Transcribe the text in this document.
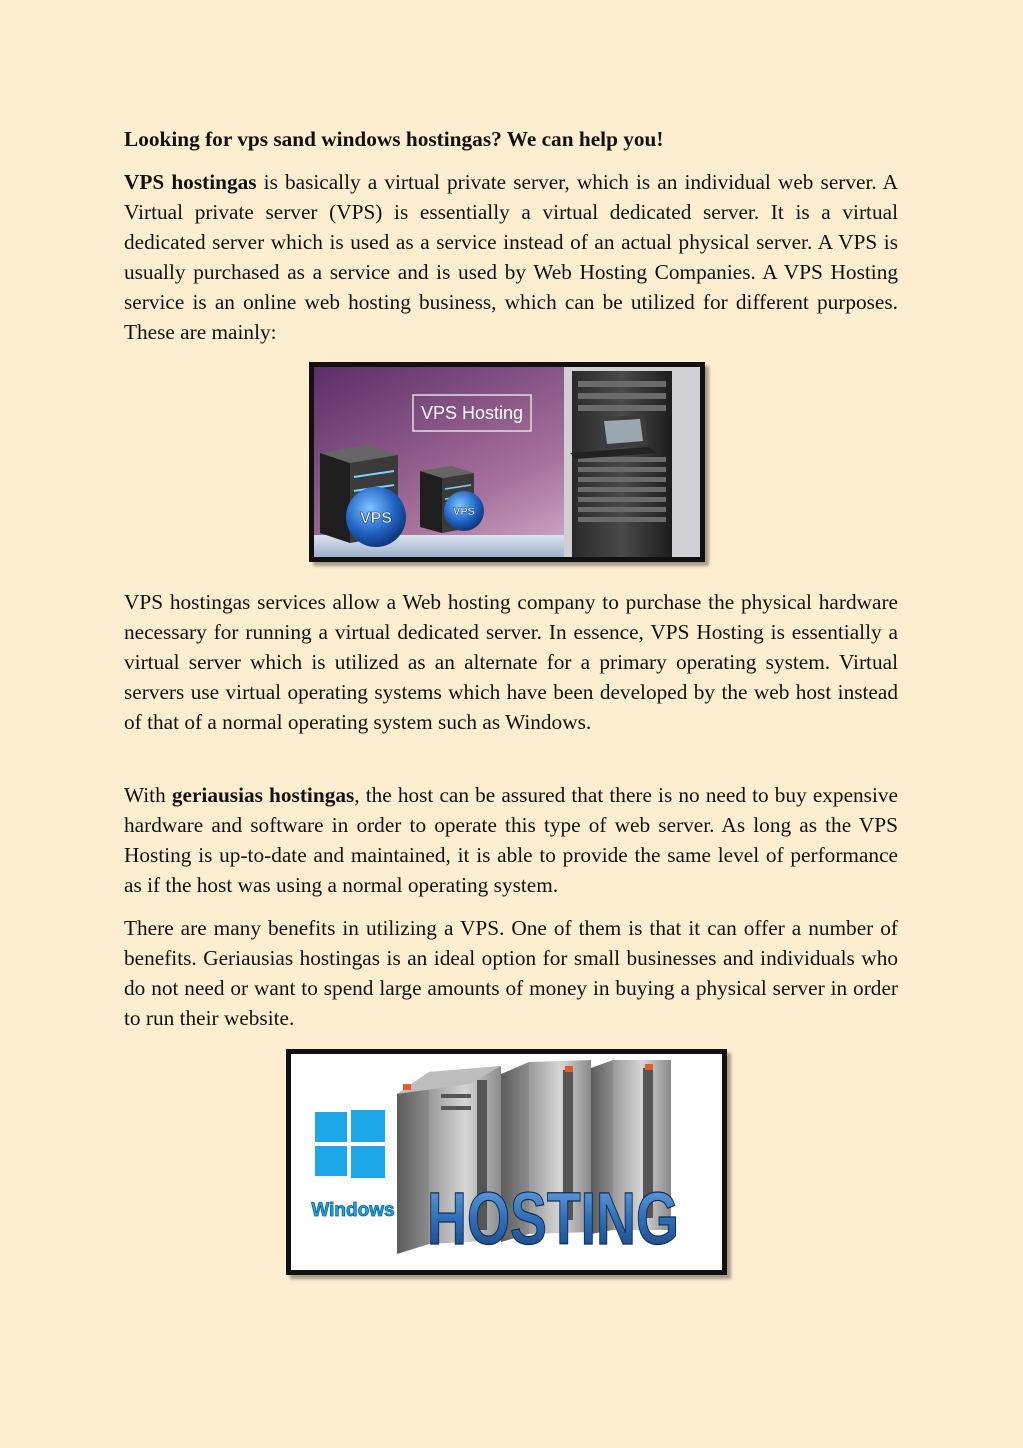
Looking for vps sand windows hostingas? We can help you!

VPS hostingas is basically a virtual private server, which is an individual web server. A Virtual private server (VPS) is essentially a virtual dedicated server. It is a virtual dedicated server which is used as a service instead of an actual physical server. A VPS is usually purchased as a service and is used by Web Hosting Companies. A VPS Hosting service is an online web hosting business, which can be utilized for different purposes. These are mainly:

VPS Hosting
VPS	VPS

VPS hostingas services allow a Web hosting company to purchase the physical hardware necessary for running a virtual dedicated server. In essence, VPS Hosting is essentially a virtual server which is utilized as an alternate for a primary operating system. Virtual servers use virtual operating systems which have been developed by the web host instead of that of a normal operating system such as Windows.

With geriausias hostingas, the host can be assured that there is no need to buy expensive hardware and software in order to operate this type of web server. As long as the VPS Hosting is up-to-date and maintained, it is able to provide the same level of performance as if the host was using a normal operating system.

There are many benefits in utilizing a VPS. One of them is that it can offer a number of benefits. Geriausias hostingas is an ideal option for small businesses and individuals who do not need or want to spend large amounts of money in buying a physical server in order to run their website.

Windows HOSTING
